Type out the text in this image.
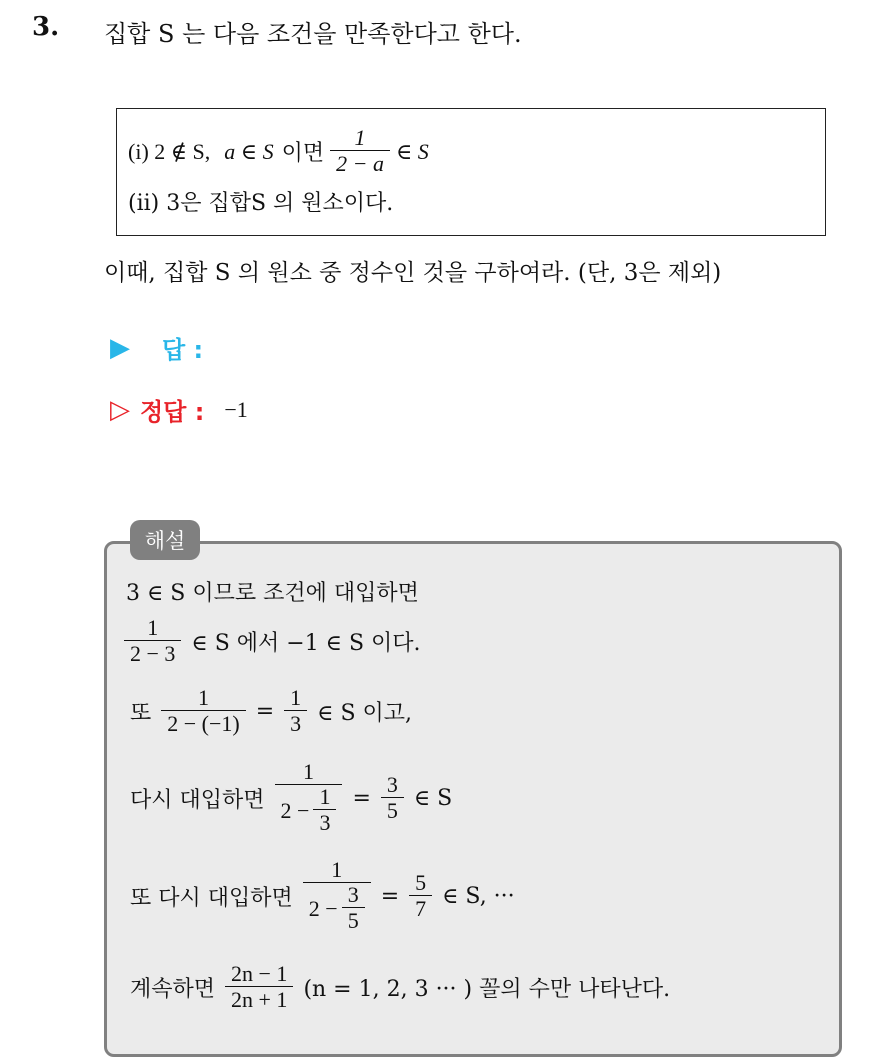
3. 집합 S 는 다음 조건을 만족한다고 한다.
(i) 2 ∉ S, a ∈ S 이면 $\frac{1}{2 - a}$ ∈ S
(ii) 3은 집합S 의 원소이다.
이때, 집합 S 의 원소 중 정수인 것을 구하여라. (단, 3은 제외)
▶ 답 :
▷ 정답 : −1
해설
3 ∈ S 이므로 조건에 대입하면
$\frac{1}{2 - 3}$ ∈ S 에서 −1 ∈ S 이다.
또 $\frac{1}{2 - (-1)} = \frac{1}{3}$ ∈ S 이고,
다시 대입하면 $\frac{1}{2 - \frac{1}{3}} = \frac{3}{5}$ ∈ S
또 다시 대입하면 $\frac{1}{2 - \frac{3}{5}} = \frac{5}{7}$ ∈ S, ···
계속하면 $\frac{2n - 1}{2n + 1} (n = 1$, 2, 3 ··· ) 꼴의 수만 나타난다.
